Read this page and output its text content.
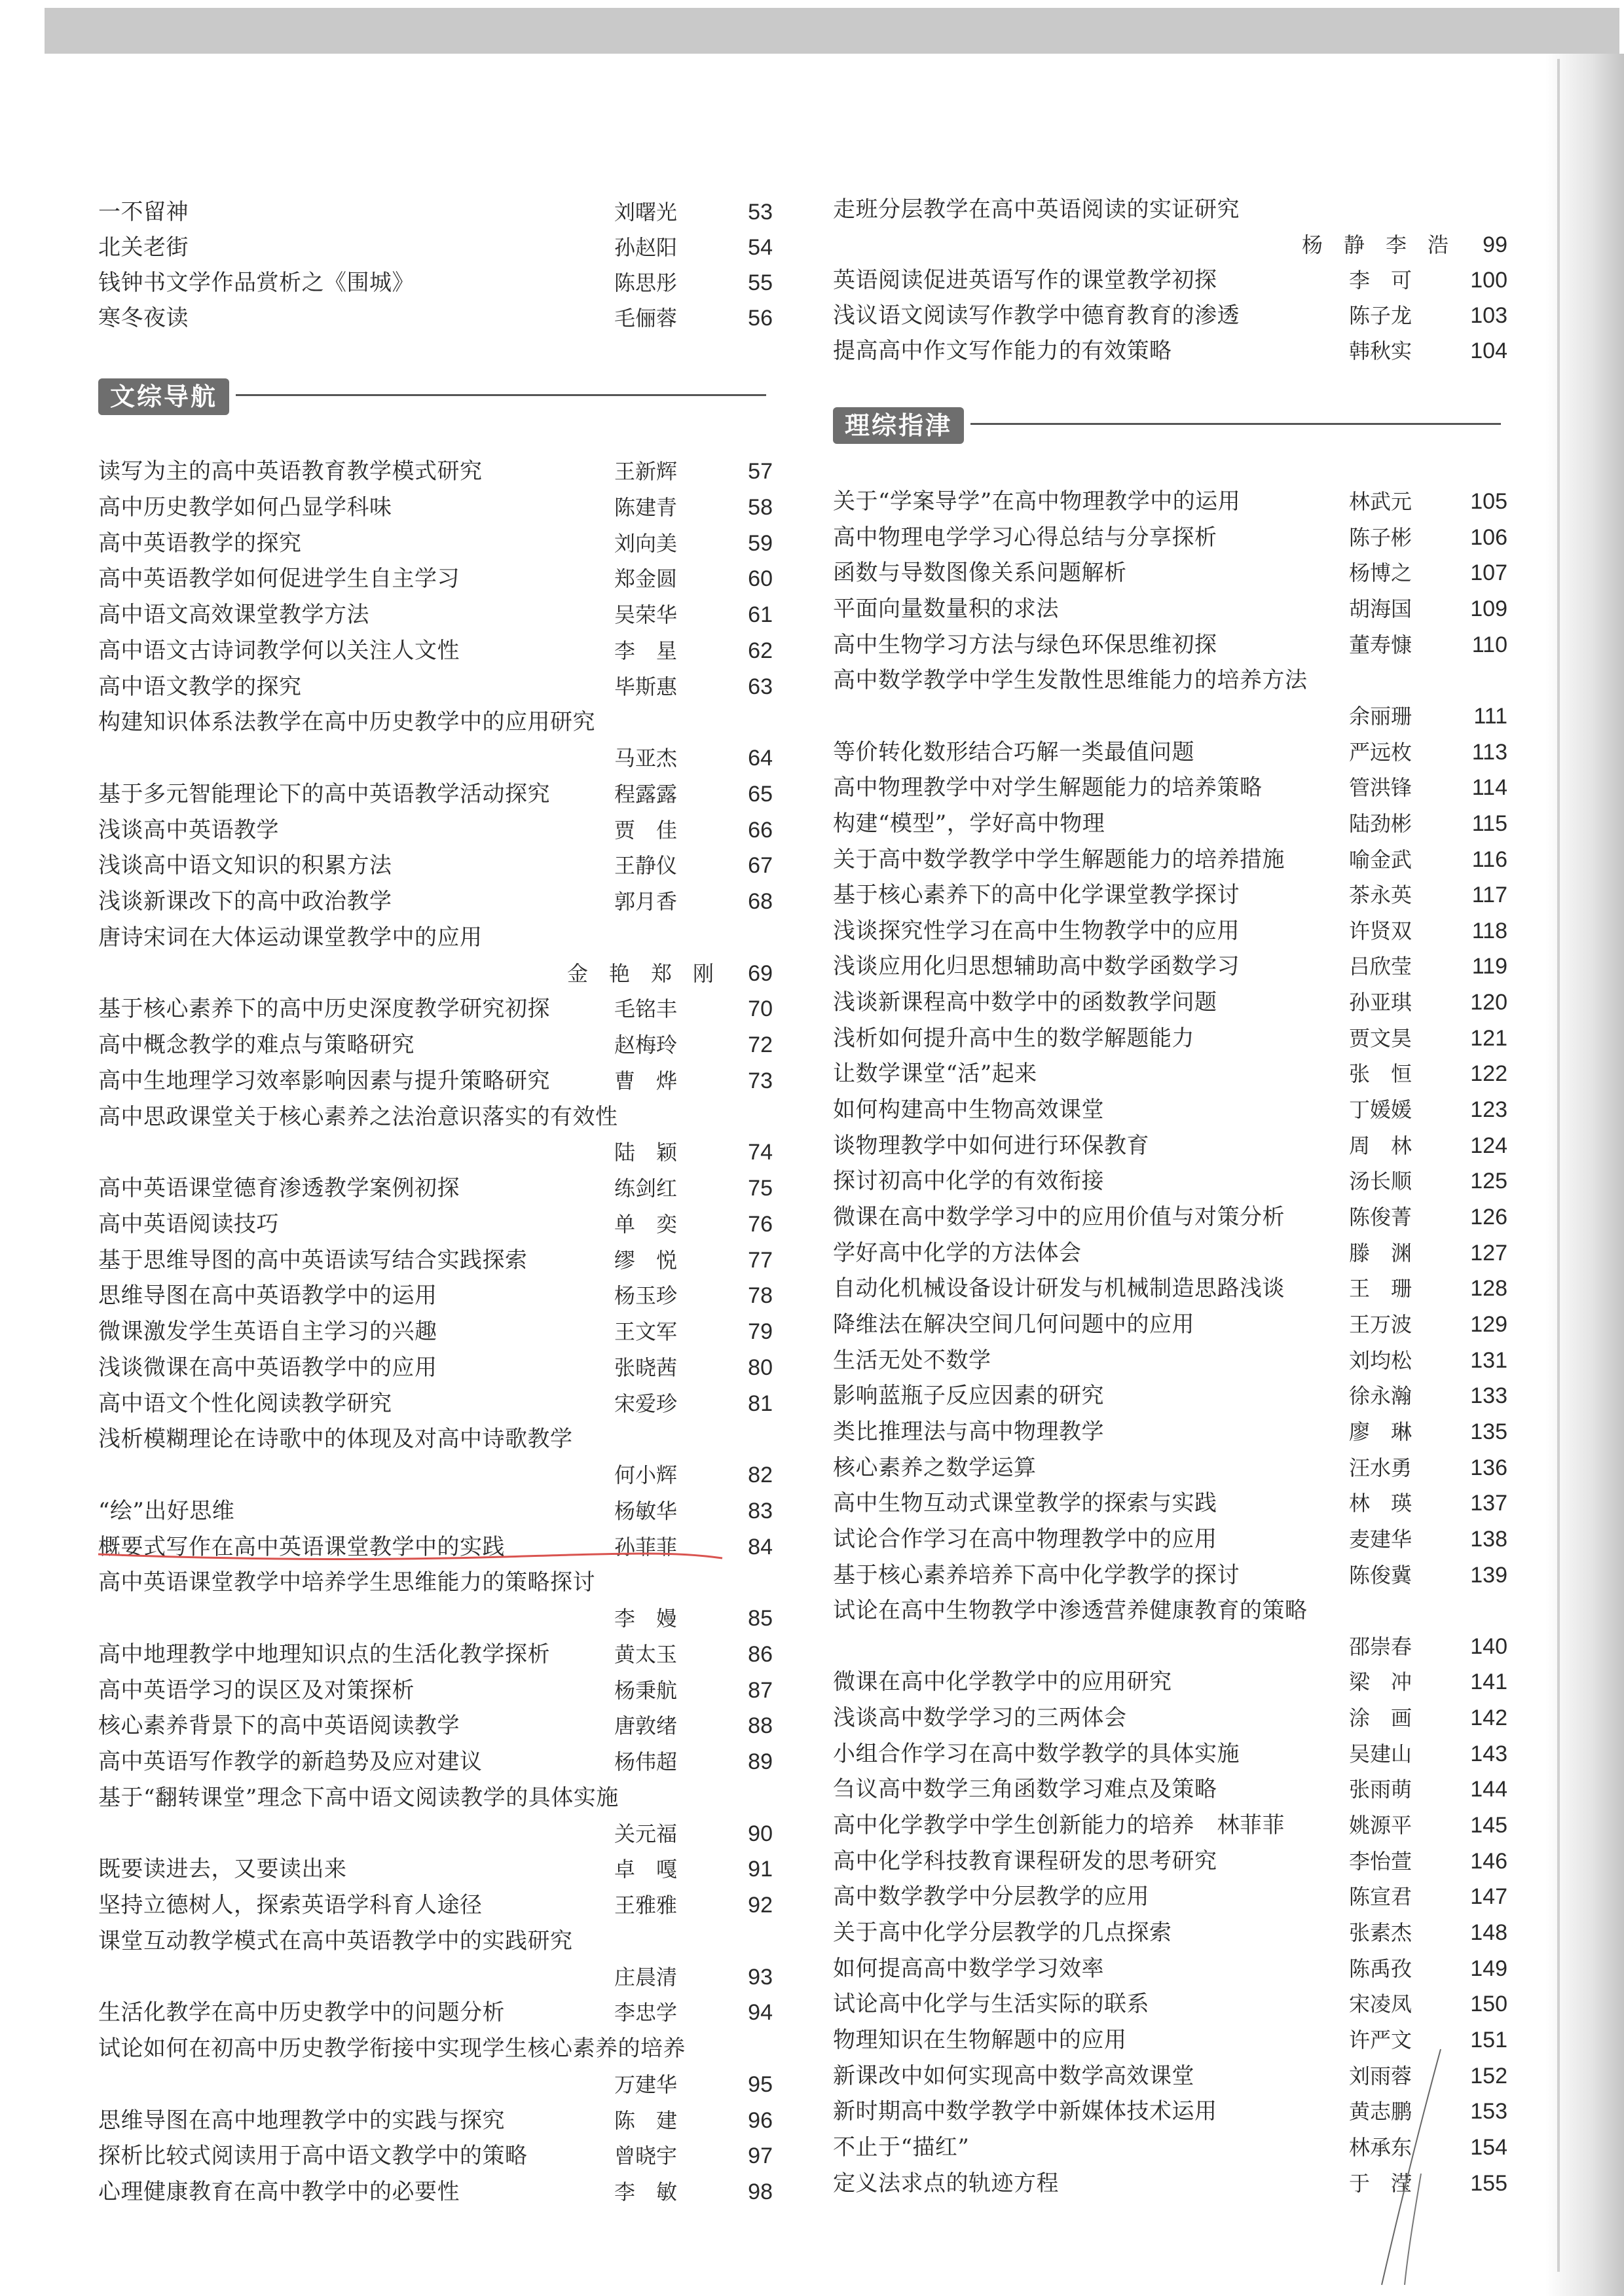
一不留神	刘曙光	53
北关老街	孙赵阳	54
钱钟书文学作品赏析之《围城》	陈思彤	55
寒冬夜读	毛俪蓉	56
文综导航
读写为主的高中英语教育教学模式研究	王新辉	57
高中历史教学如何凸显学科味	陈建青	58
高中英语教学的探究	刘向美	59
高中英语教学如何促进学生自主学习	郑金圆	60
高中语文高效课堂教学方法	吴荣华	61
高中语文古诗词教学何以关注人文性	李　星	62
高中语文教学的探究	毕斯惠	63
构建知识体系法教学在高中历史教学中的应用研究
马亚杰	64
基于多元智能理论下的高中英语教学活动探究	程露露	65
浅谈高中英语教学	贾　佳	66
浅谈高中语文知识的积累方法	王静仪	67
浅谈新课改下的高中政治教学	郭月香	68
唐诗宋词在大体运动课堂教学中的应用
金　艳　郑　刚 69
基于核心素养下的高中历史深度教学研究初探	毛铭丰	70
高中概念教学的难点与策略研究	赵梅玲	72
高中生地理学习效率影响因素与提升策略研究	曹　烨	73
高中思政课堂关于核心素养之法治意识落实的有效性
陆　颖	74
高中英语课堂德育渗透教学案例初探	练剑红	75
高中英语阅读技巧	单　奕	76
基于思维导图的高中英语读写结合实践探索	缪　悦	77
思维导图在高中英语教学中的运用	杨玉珍	78
微课激发学生英语自主学习的兴趣	王文军	79
浅谈微课在高中英语教学中的应用	张晓茜	80
高中语文个性化阅读教学研究	宋爱珍	81
浅析模糊理论在诗歌中的体现及对高中诗歌教学
何小辉	82
“绘”出好思维	杨敏华	83
概要式写作在高中英语课堂教学中的实践	孙菲菲	84
高中英语课堂教学中培养学生思维能力的策略探讨
李　嫚	85
高中地理教学中地理知识点的生活化教学探析	黄太玉	86
高中英语学习的误区及对策探析	杨秉航	87
核心素养背景下的高中英语阅读教学	唐敦绪	88
高中英语写作教学的新趋势及应对建议	杨伟超	89
基于“翻转课堂”理念下高中语文阅读教学的具体实施
关元福	90
既要读进去，又要读出来	卓　嘎	91
坚持立德树人，探索英语学科育人途径	王雅雅	92
课堂互动教学模式在高中英语教学中的实践研究
庄晨清	93
生活化教学在高中历史教学中的问题分析	李忠学	94
试论如何在初高中历史教学衔接中实现学生核心素养的培养
万建华	95
思维导图在高中地理教学中的实践与探究	陈　建	96
探析比较式阅读用于高中语文教学中的策略	曾晓宇	97
心理健康教育在高中教学中的必要性	李　敏	98
走班分层教学在高中英语阅读的实证研究
杨　静　李　浩 99
英语阅读促进英语写作的课堂教学初探	李　可	100
浅议语文阅读写作教学中德育教育的渗透	陈子龙	103
提高高中作文写作能力的有效策略	韩秋实	104
理综指津
关于“学案导学”在高中物理教学中的运用	林武元	105
高中物理电学学习心得总结与分享探析	陈子彬	106
函数与导数图像关系问题解析	杨博之	107
平面向量数量积的求法	胡海国	109
高中生物学习方法与绿色环保思维初探	董寿慷	110
高中数学教学中学生发散性思维能力的培养方法
余丽珊	111
等价转化数形结合巧解一类最值问题	严远枚	113
高中物理教学中对学生解题能力的培养策略	管洪锋	114
构建“模型”，学好高中物理	陆劲彬	115
关于高中数学教学中学生解题能力的培养措施	喻金武	116
基于核心素养下的高中化学课堂教学探讨	茶永英	117
浅谈探究性学习在高中生物教学中的应用	许贤双	118
浅谈应用化归思想辅助高中数学函数学习	吕欣莹	119
浅谈新课程高中数学中的函数教学问题	孙亚琪	120
浅析如何提升高中生的数学解题能力	贾文昊	121
让数学课堂“活”起来	张　恒	122
如何构建高中生物高效课堂	丁媛媛	123
谈物理教学中如何进行环保教育	周　林	124
探讨初高中化学的有效衔接	汤长顺	125
微课在高中数学学习中的应用价值与对策分析	陈俊菁	126
学好高中化学的方法体会	滕　渊	127
自动化机械设备设计研发与机械制造思路浅谈	王　珊	128
降维法在解决空间几何问题中的应用	王万波	129
生活无处不数学	刘均松	131
影响蓝瓶子反应因素的研究	徐永瀚	133
类比推理法与高中物理教学	廖　琳	135
核心素养之数学运算	汪水勇	136
高中生物互动式课堂教学的探索与实践	林　瑛	137
试论合作学习在高中物理教学中的应用	麦建华	138
基于核心素养培养下高中化学教学的探讨	陈俊冀	139
试论在高中生物教学中渗透营养健康教育的策略
邵崇春	140
微课在高中化学教学中的应用研究	梁　冲	141
浅谈高中数学学习的三两体会	涂　画	142
小组合作学习在高中数学教学的具体实施	吴建山	143
刍议高中数学三角函数学习难点及策略	张雨萌	144
高中化学教学中学生创新能力的培养　林菲菲	姚源平	145
高中化学科技教育课程研发的思考研究	李怡萱	146
高中数学教学中分层教学的应用	陈宣君	147
关于高中化学分层教学的几点探索	张素杰	148
如何提高高中数学学习效率	陈禹孜	149
试论高中化学与生活实际的联系	宋凌凤	150
物理知识在生物解题中的应用	许严文	151
新课改中如何实现高中数学高效课堂	刘雨蓉	152
新时期高中数学教学中新媒体技术运用	黄志鹏	153
不止于“描红”	林承东	154
定义法求点的轨迹方程	于　滢	155
